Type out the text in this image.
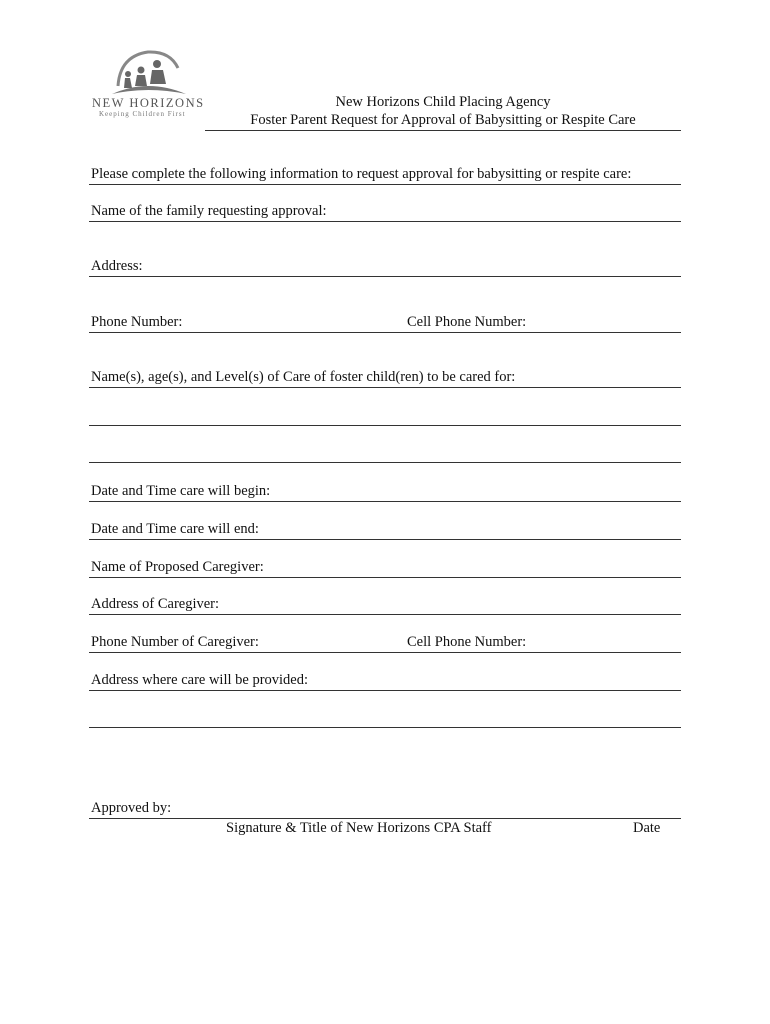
NEW HORIZONS
Keeping Children First
New Horizons Child Placing Agency
Foster Parent Request for Approval of Babysitting or Respite Care
Please complete the following information to request approval for babysitting or respite care:
Name of the family requesting approval:
Address:
Phone Number:	Cell Phone Number:
Name(s), age(s), and Level(s) of Care of foster child(ren) to be cared for:
Date and Time care will begin:
Date and Time care will end:
Name of Proposed Caregiver:
Address of Caregiver:
Phone Number of Caregiver:	Cell Phone Number:
Address where care will be provided:
Approved by:
Signature & Title of New Horizons CPA Staff	Date
